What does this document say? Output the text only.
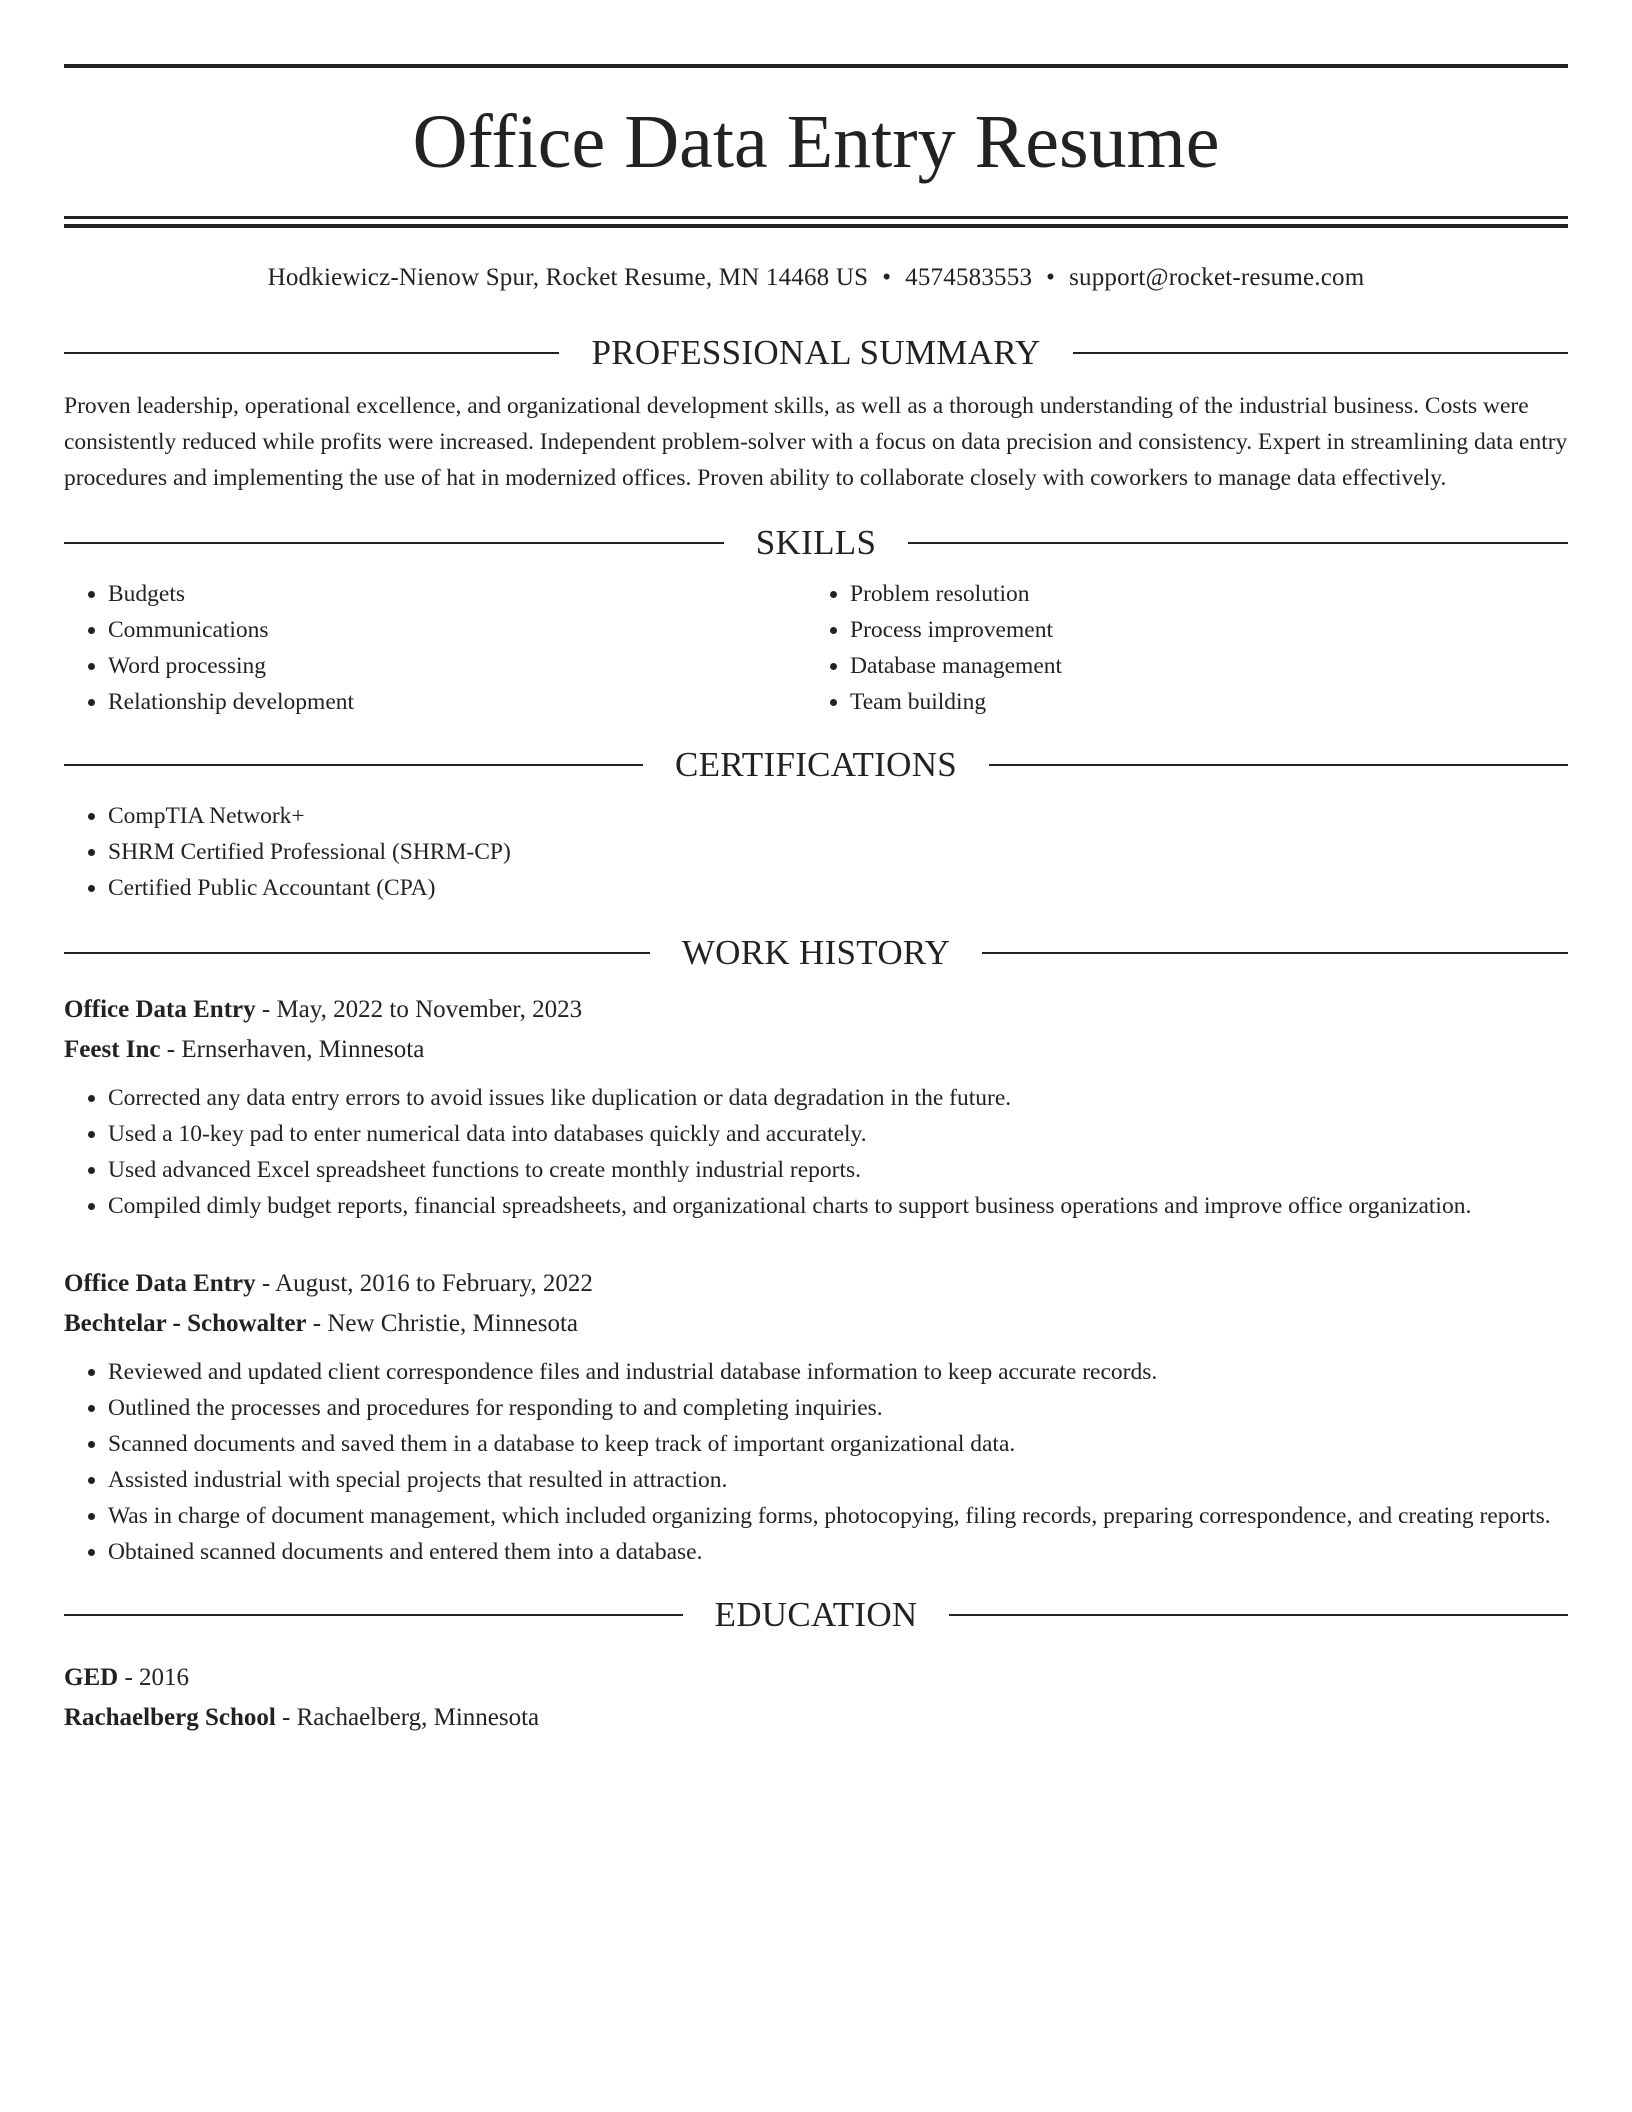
Office Data Entry Resume
Hodkiewicz-Nienow Spur, Rocket Resume, MN 14468 US • 4574583553 • support@rocket-resume.com
PROFESSIONAL SUMMARY

Proven leadership, operational excellence, and organizational development skills, as well as a thorough understanding of the industrial business. Costs were consistently reduced while profits were increased. Independent problem-solver with a focus on data precision and consistency. Expert in streamlining data entry procedures and implementing the use of hat in modernized offices. Proven ability to collaborate closely with coworkers to manage data effectively.

SKILLS
• Budgets
• Communications
• Word processing
• Relationship development
• Problem resolution
• Process improvement
• Database management
• Team building
CERTIFICATIONS
• CompTIA Network+
• SHRM Certified Professional (SHRM-CP)
• Certified Public Accountant (CPA)
WORK HISTORY
Office Data Entry - May, 2022 to November, 2023
Feest Inc - Ernserhaven, Minnesota
• Corrected any data entry errors to avoid issues like duplication or data degradation in the future.
• Used a 10-key pad to enter numerical data into databases quickly and accurately.
• Used advanced Excel spreadsheet functions to create monthly industrial reports.
• Compiled dimly budget reports, financial spreadsheets, and organizational charts to support business operations and improve office organization.
Office Data Entry - August, 2016 to February, 2022
Bechtelar - Schowalter - New Christie, Minnesota
• Reviewed and updated client correspondence files and industrial database information to keep accurate records.
• Outlined the processes and procedures for responding to and completing inquiries.
• Scanned documents and saved them in a database to keep track of important organizational data.
• Assisted industrial with special projects that resulted in attraction.
• Was in charge of document management, which included organizing forms, photocopying, filing records, preparing correspondence, and creating reports.
• Obtained scanned documents and entered them into a database.
EDUCATION
GED - 2016
Rachaelberg School - Rachaelberg, Minnesota
